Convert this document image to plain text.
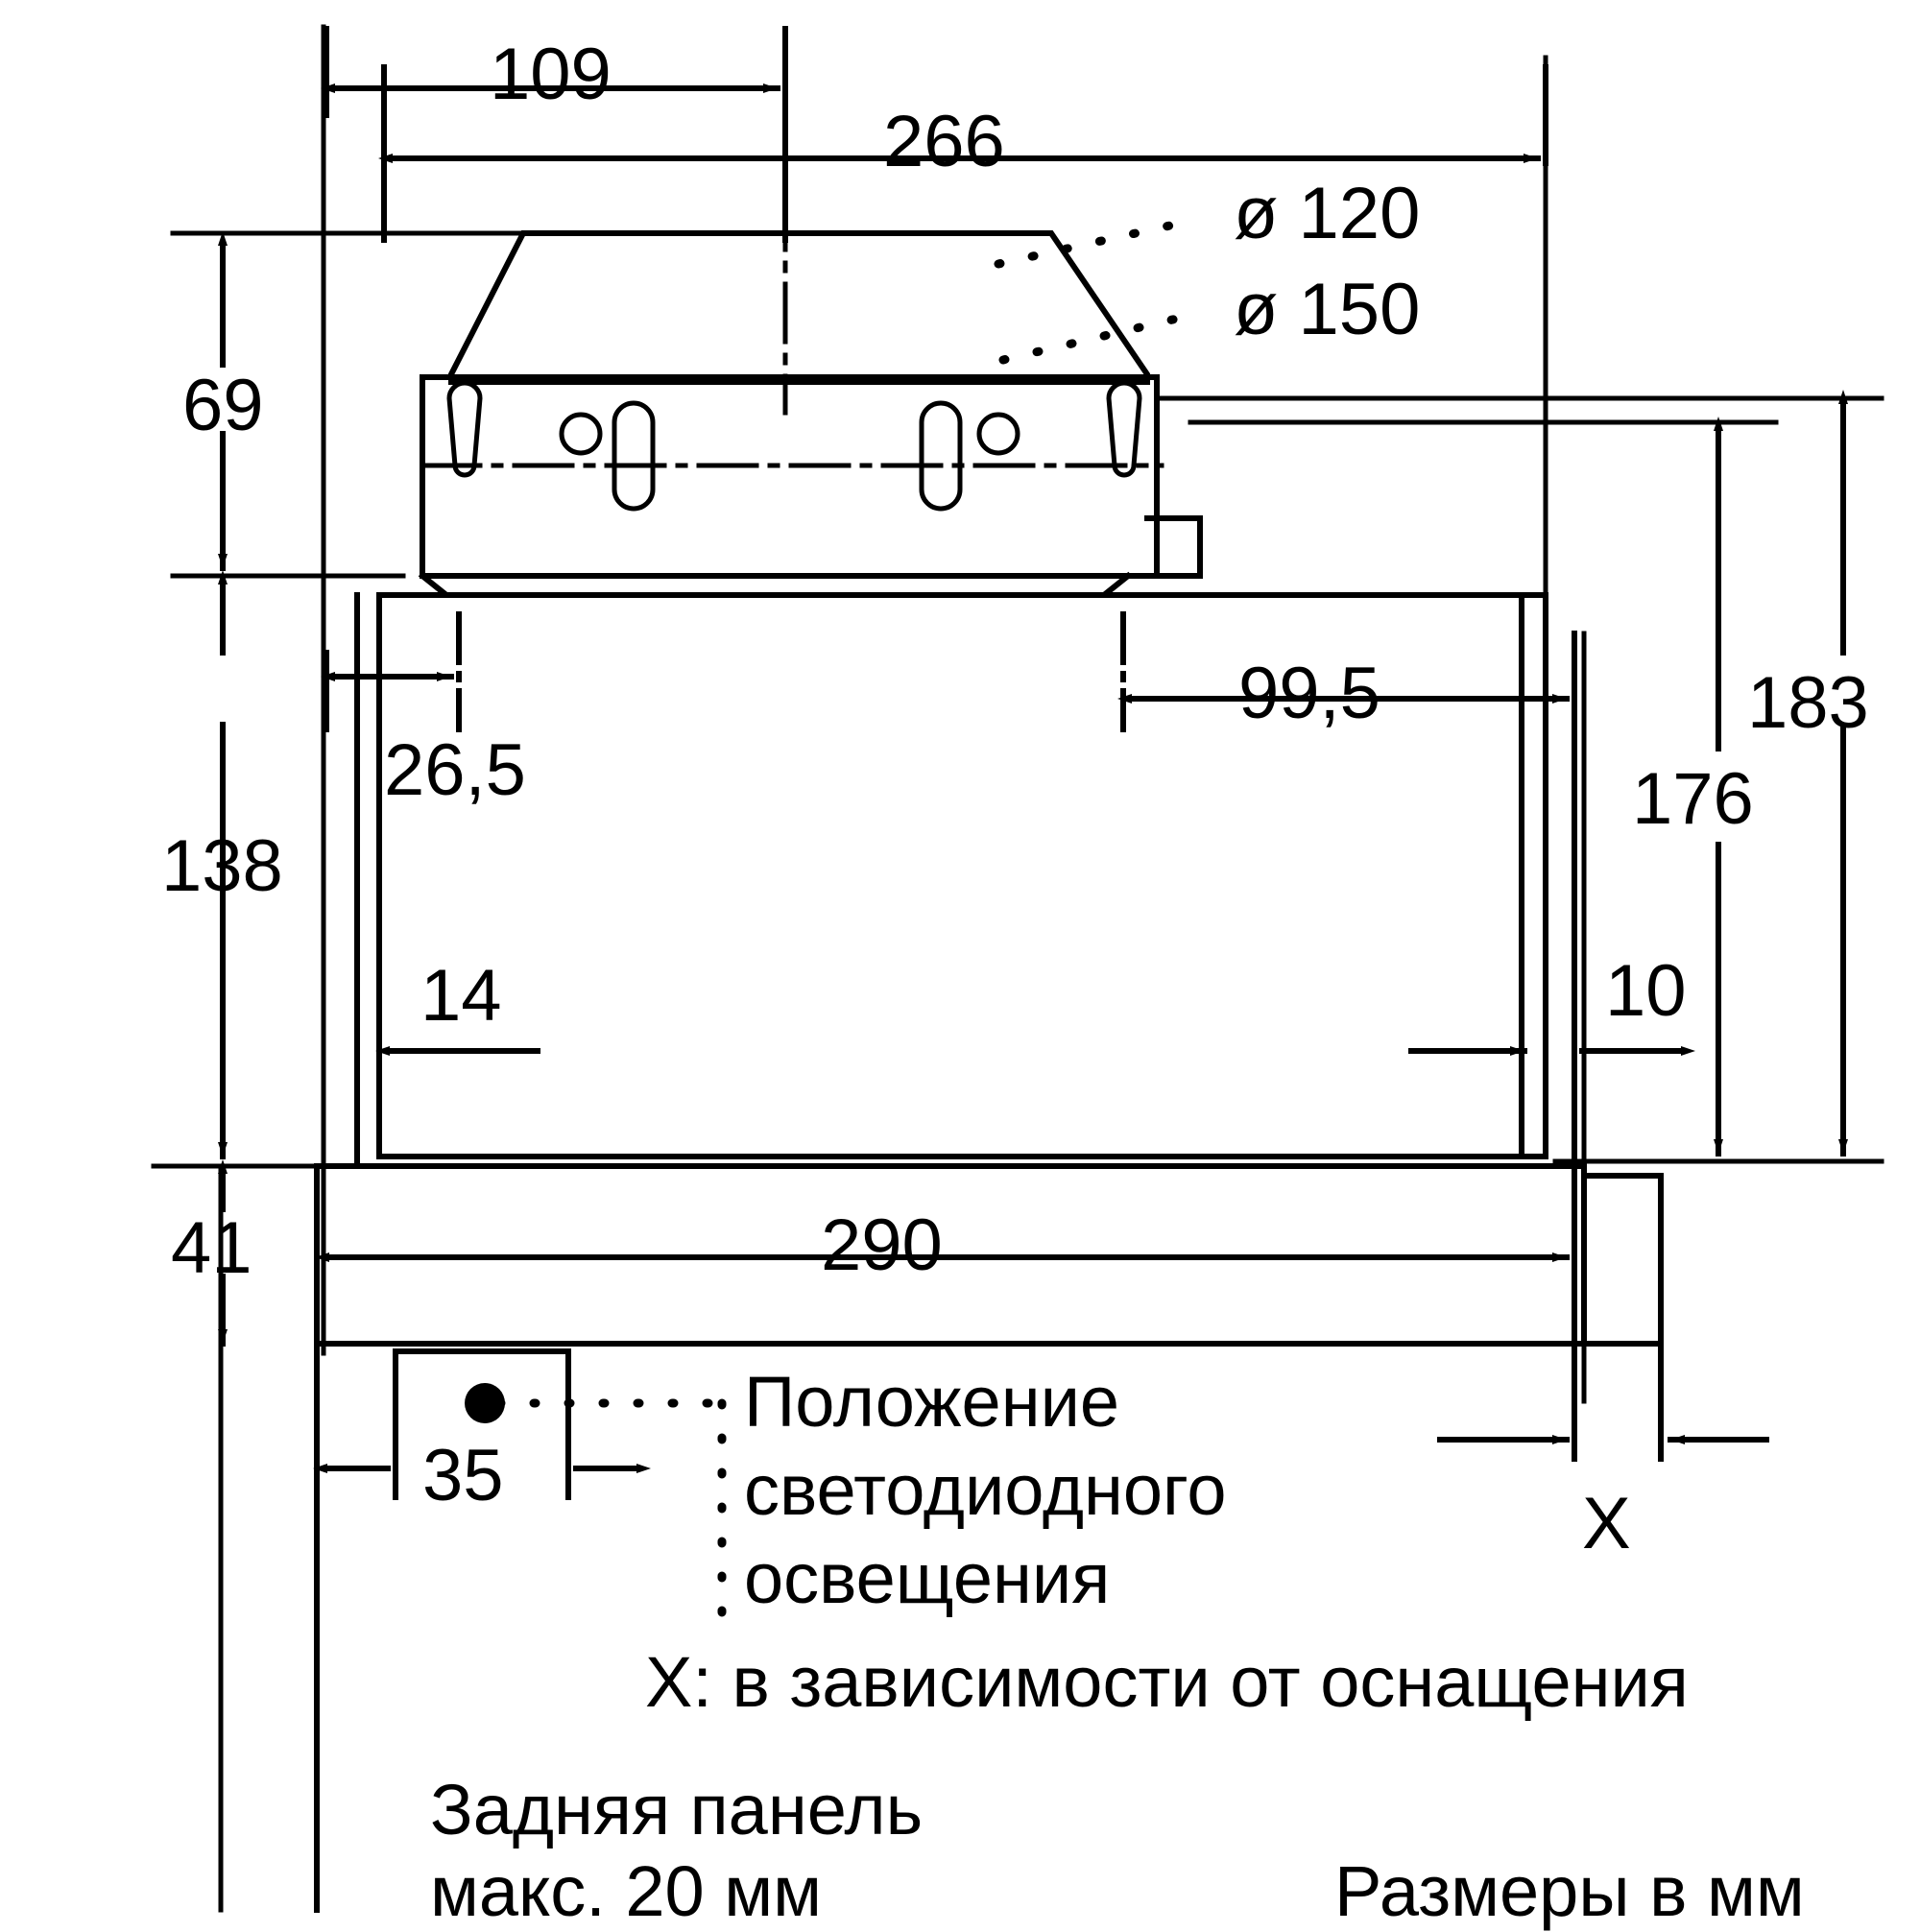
109
266
ø 120
ø 150
69
99,5	183
26,5	176
138
14	10
41	290
35
X
Положение
светодиодного
освещения
X: в зависимости от оснащения
Задняя панель
макс. 20 мм	Размеры в мм
